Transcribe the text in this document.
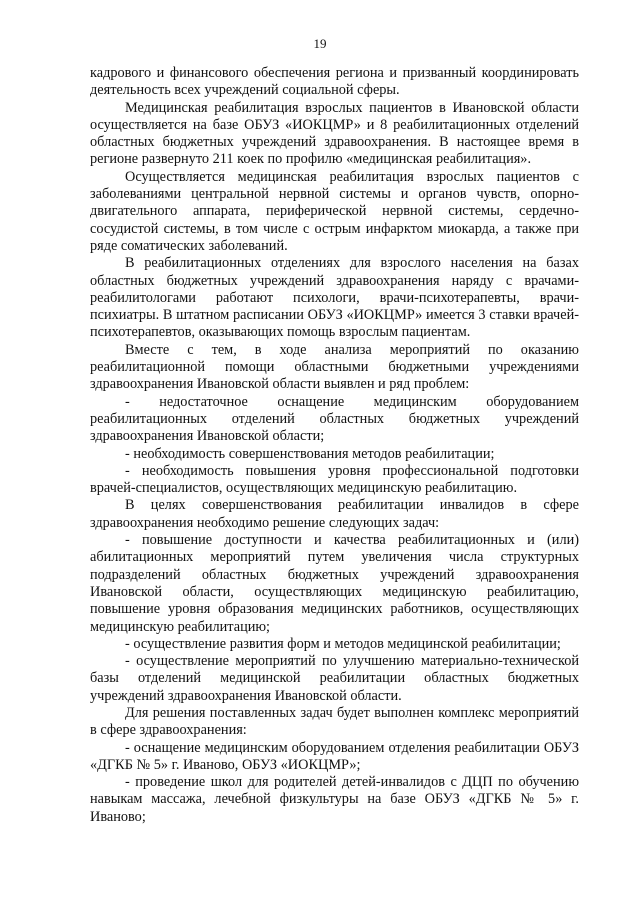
19

кадрового и финансового обеспечения региона и призванный координировать деятельность всех учреждений социальной сферы.

Медицинская реабилитация взрослых пациентов в Ивановской области осуществляется на базе ОБУЗ «ИОКЦМР» и 8 реабилитационных отделений областных бюджетных учреждений здравоохранения. В настоящее время в регионе развернуто 211 коек по профилю «медицинская реабилитация».

Осуществляется медицинская реабилитация взрослых пациентов с заболеваниями центральной нервной системы и органов чувств, опорно-двигательного аппарата, периферической нервной системы, сердечно-сосудистой системы, в том числе с острым инфарктом миокарда, а также при ряде соматических заболеваний.

В реабилитационных отделениях для взрослого населения на базах областных бюджетных учреждений здравоохранения наряду с врачами-реабилитологами работают психологи, врачи-психотерапевты, врачи-психиатры. В штатном расписании ОБУЗ «ИОКЦМР» имеется 3 ставки врачей-психотерапевтов, оказывающих помощь взрослым пациентам.

Вместе с тем, в ходе анализа мероприятий по оказанию реабилитационной помощи областными бюджетными учреждениями здравоохранения Ивановской области выявлен и ряд проблем:

- недостаточное оснащение медицинским оборудованием реабилитационных отделений областных бюджетных учреждений здравоохранения Ивановской области;

- необходимость совершенствования методов реабилитации;

- необходимость повышения уровня профессиональной подготовки врачей-специалистов, осуществляющих медицинскую реабилитацию.

В целях совершенствования реабилитации инвалидов в сфере здравоохранения необходимо решение следующих задач:

- повышение доступности и качества реабилитационных и (или) абилитационных мероприятий путем увеличения числа структурных подразделений областных бюджетных учреждений здравоохранения Ивановской области, осуществляющих медицинскую реабилитацию, повышение уровня образования медицинских работников, осуществляющих медицинскую реабилитацию;

- осуществление развития форм и методов медицинской реабилитации;

- осуществление мероприятий по улучшению материально-технической базы отделений медицинской реабилитации областных бюджетных учреждений здравоохранения Ивановской области.

Для решения поставленных задач будет выполнен комплекс мероприятий в сфере здравоохранения:

- оснащение медицинским оборудованием отделения реабилитации ОБУЗ «ДГКБ № 5» г. Иваново, ОБУЗ «ИОКЦМР»;

- проведение школ для родителей детей-инвалидов с ДЦП по обучению навыкам массажа, лечебной физкультуры на базе ОБУЗ «ДГКБ № 5» г. Иваново;
